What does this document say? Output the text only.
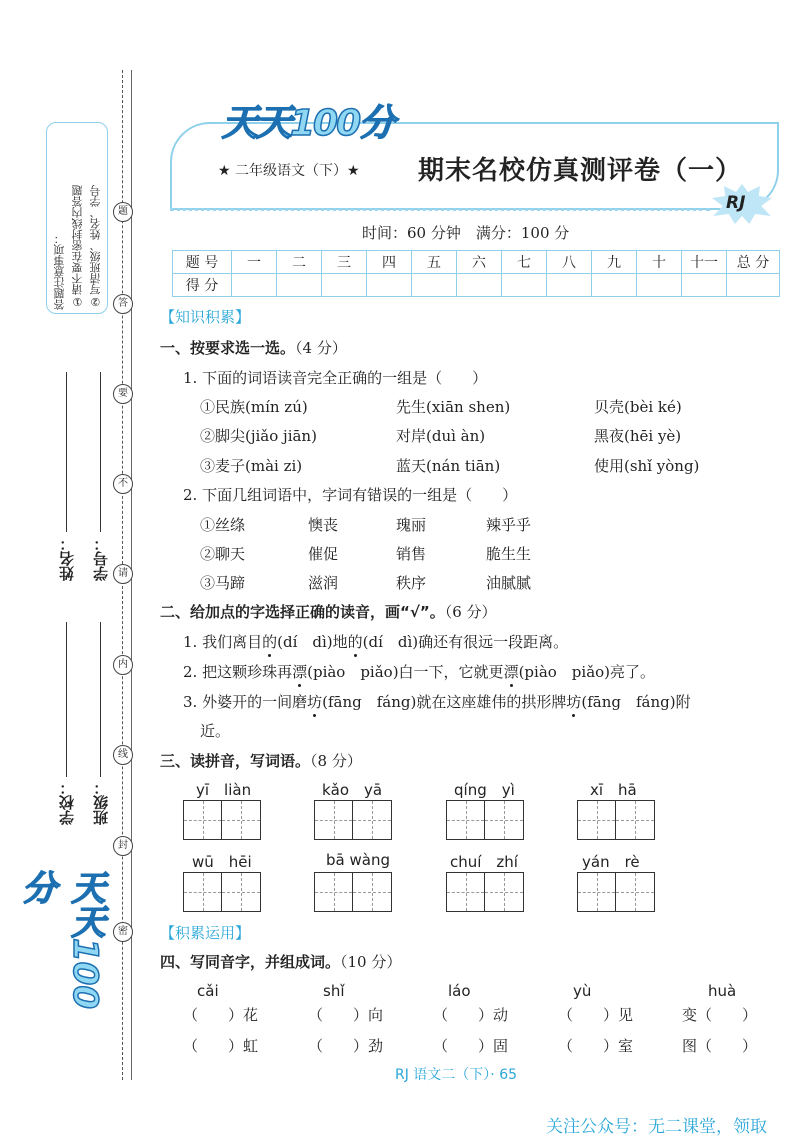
答题注意事项： ①请不要在密封线内答题 ②写清班级、姓名、学号	题
答
要
不
请
内
线
封
密
姓名： 学号：
学校： 班级：
天天100分
天天100分
★ 二年级语文（下）★ 期末名校仿真测评卷（一）
RJ
时间：60 分钟　满分：100 分
题 号	一	二	三	四	五	六	七	八	九	十	十一	总 分
得 分												
【知识积累】
一、按要求选一选。（4 分）
1. 下面的词语读音完全正确的一组是（　　）
①民族(mín zú)	先生(xiān shen)	贝壳(bèi ké)
②脚尖(jiǎo jiān)	对岸(duì àn)	黑夜(hēi yè)
③麦子(mài zi)	蓝天(nán tiān)	使用(shǐ yòng)
2. 下面几组词语中，字词有错误的一组是（　　）
①丝绦	懊丧	瑰丽	辣乎乎
②聊天	催促	销售	脆生生
③马蹄	滋润	秩序	油腻腻
二、给加点的字选择正确的读音，画“√”。（6 分）
1. 我们离目的(dí　dì)地的(dí　dì)确还有很远一段距离。
2. 把这颗珍珠再漂(piào　piǎo)白一下，它就更漂(piào　piǎo)亮了。
3. 外婆开的一间磨坊(fāng　fáng)就在这座雄伟的拱形牌坊(fāng　fáng)附
近。
三、读拼音，写词语。（8 分）
yī　liàn	kǎo　yā	qíng　yì	xī　hā
wū　hēi	bā wàng	chuí　zhí	yán　rè
【积累运用】
四、写同音字，并组成词。（10 分）
cǎi	shǐ	láo	yù	huà
（　　）花	（　　）向	（　　）动	（　　）见	变（　　）
（　　）虹	（　　）劲	（　　）固	（　　）室	图（　　）
RJ 语文二（下）· 65
关注公众号：无二课堂，领取
